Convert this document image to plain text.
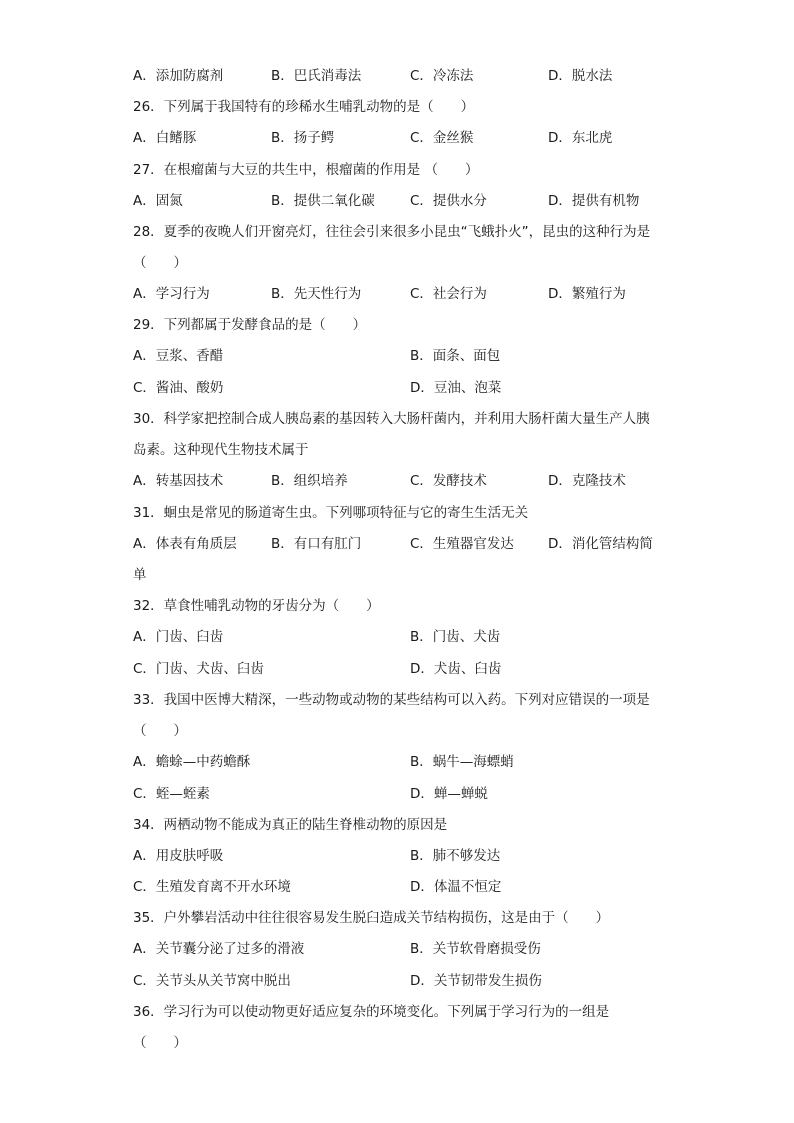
A．添加防腐剂	B．巴氏消毒法	C．冷冻法	D．脱水法
26．下列属于我国特有的珍稀水生哺乳动物的是（　　）
A．白鳍豚	B．扬子鳄	C．金丝猴	D．东北虎
27．在根瘤菌与大豆的共生中，根瘤菌的作用是 （　　）
A．固氮	B．提供二氧化碳	C．提供水分	D．提供有机物
28．夏季的夜晚人们开窗亮灯，往往会引来很多小昆虫“飞蛾扑火”，昆虫的这种行为是
（　　）
A．学习行为	B．先天性行为	C．社会行为	D．繁殖行为
29．下列都属于发酵食品的是（　　）
A．豆浆、香醋	B．面条、面包
C．酱油、酸奶	D．豆油、泡菜
30．科学家把控制合成人胰岛素的基因转入大肠杆菌内，并利用大肠杆菌大量生产人胰
岛素。这种现代生物技术属于
A．转基因技术	B．组织培养	C．发酵技术	D．克隆技术
31．蛔虫是常见的肠道寄生虫。下列哪项特征与它的寄生生活无关
A．体表有角质层	B．有口有肛门	C．生殖器官发达	D．消化管结构简
单
32．草食性哺乳动物的牙齿分为（　　）
A．门齿、臼齿	B．门齿、犬齿
C．门齿、犬齿、臼齿	D．犬齿、臼齿
33．我国中医博大精深，一些动物或动物的某些结构可以入药。下列对应错误的一项是
（　　）
A．蟾蜍—中药蟾酥	B．蜗牛—海螵蛸
C．蛭—蛭素	D．蝉—蝉蜕
34．两栖动物不能成为真正的陆生脊椎动物的原因是
A．用皮肤呼吸	B．肺不够发达
C．生殖发育离不开水环境	D．体温不恒定
35．户外攀岩活动中往往很容易发生脱臼造成关节结构损伤，这是由于（　　）
A．关节囊分泌了过多的滑液	B．关节软骨磨损受伤
C．关节头从关节窝中脱出	D．关节韧带发生损伤
36．学习行为可以使动物更好适应复杂的环境变化。下列属于学习行为的一组是
（　　）
